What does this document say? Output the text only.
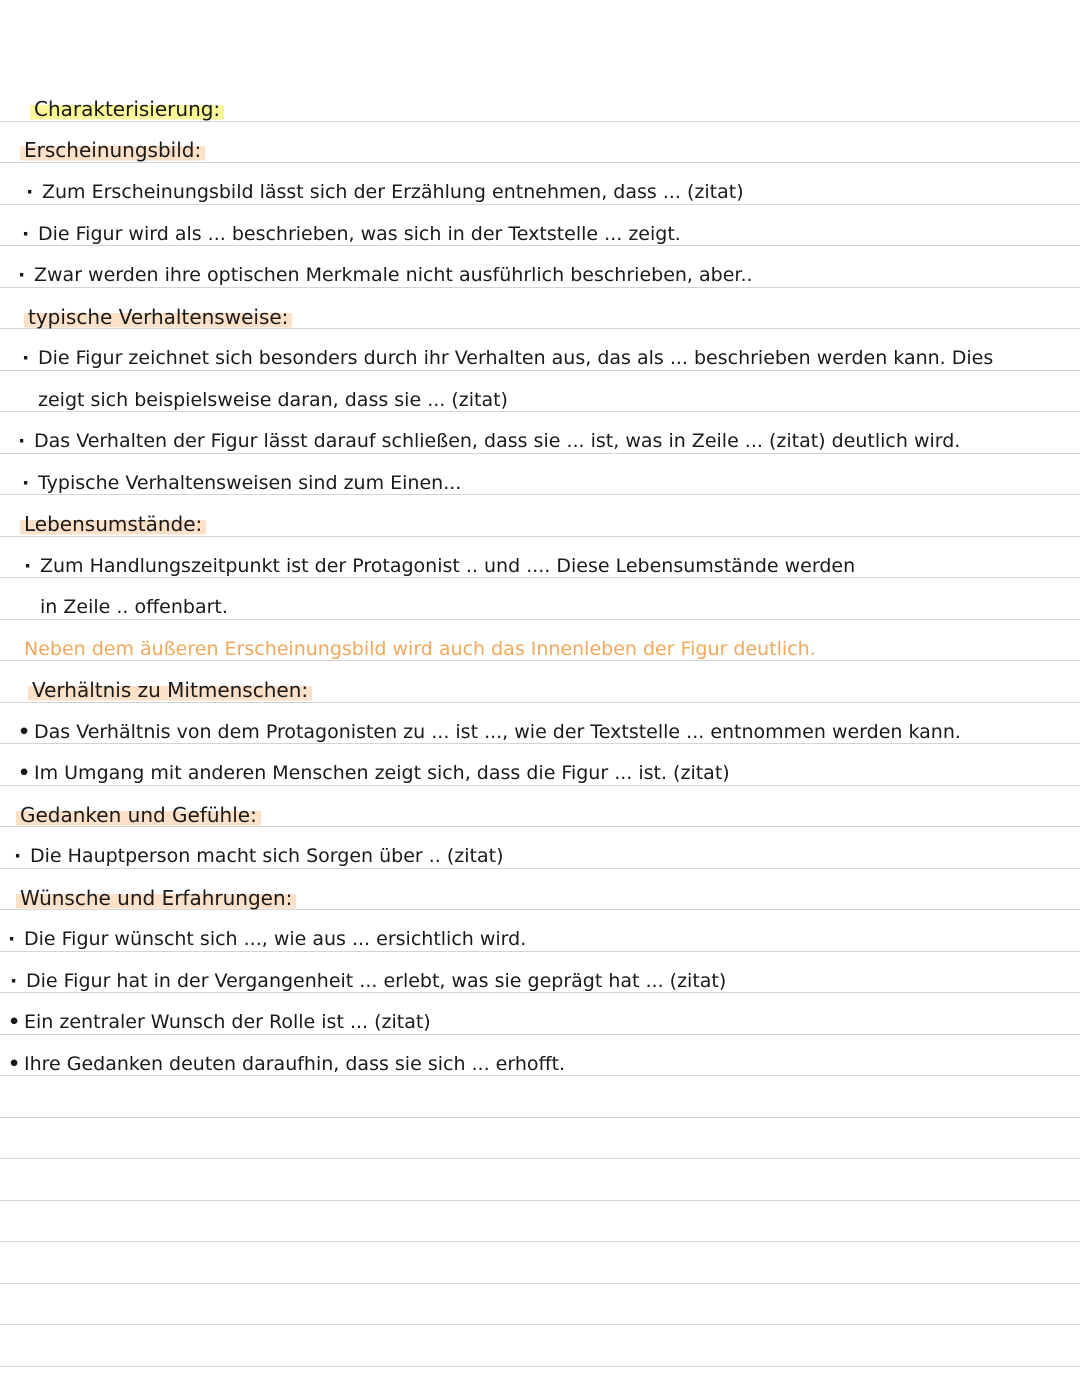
Charakterisierung:
Erscheinungsbild:
· Zum Erscheinungsbild lässt sich der Erzählung entnehmen, dass ... (zitat)
· Die Figur wird als ... beschrieben, was sich in der Textstelle ... zeigt.
· Zwar werden ihre optischen Merkmale nicht ausführlich beschrieben, aber..
typische Verhaltensweise:
· Die Figur zeichnet sich besonders durch ihr Verhalten aus, das als ... beschrieben werden kann. Dies
zeigt sich beispielsweise daran, dass sie ... (zitat)
· Das Verhalten der Figur lässt darauf schließen, dass sie ... ist, was in Zeile ... (zitat) deutlich wird.
· Typische Verhaltensweisen sind zum Einen...
Lebensumstände:
· Zum Handlungszeitpunkt ist der Protagonist .. und .... Diese Lebensumstände werden
in Zeile .. offenbart.
Neben dem äußeren Erscheinungsbild wird auch das Innenleben der Figur deutlich.
Verhältnis zu Mitmenschen:
• Das Verhältnis von dem Protagonisten zu ... ist ..., wie der Textstelle ... entnommen werden kann.
• Im Umgang mit anderen Menschen zeigt sich, dass die Figur ... ist. (zitat)
Gedanken und Gefühle:
· Die Hauptperson macht sich Sorgen über .. (zitat)
Wünsche und Erfahrungen:
· Die Figur wünscht sich ..., wie aus ... ersichtlich wird.
· Die Figur hat in der Vergangenheit ... erlebt, was sie geprägt hat ... (zitat)
• Ein zentraler Wunsch der Rolle ist ... (zitat)
• Ihre Gedanken deuten daraufhin, dass sie sich ... erhofft.
